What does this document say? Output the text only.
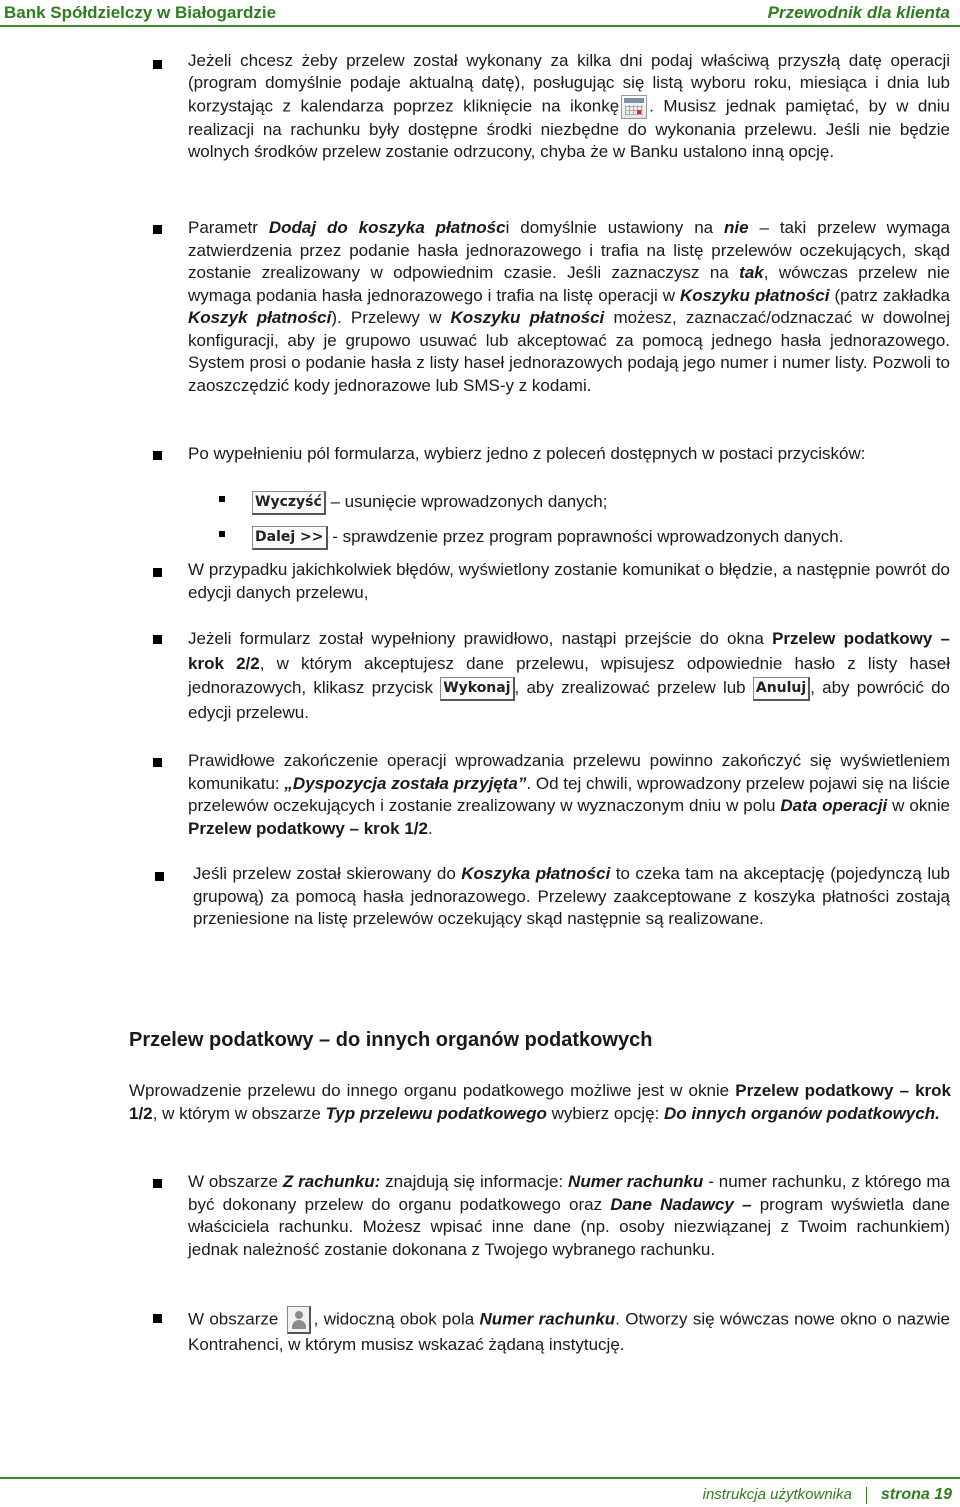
Bank Spółdzielczy w Białogardzie	Przewodnik dla klienta
Jeżeli chcesz żeby przelew został wykonany za kilka dni podaj właściwą przyszłą datę operacji (program domyślnie podaje aktualną datę), posługując się listą wyboru roku, miesiąca i dnia lub korzystając z kalendarza poprzez kliknięcie na ikonkę . Musisz jednak pamiętać, by w dniu realizacji na rachunku były dostępne środki niezbędne do wykonania przelewu. Jeśli nie będzie wolnych środków przelew zostanie odrzucony, chyba że w Banku ustalono inną opcję.
Parametr Dodaj do koszyka płatności domyślnie ustawiony na nie – taki przelew wymaga zatwierdzenia przez podanie hasła jednorazowego i trafia na listę przelewów oczekujących, skąd zostanie zrealizowany w odpowiednim czasie. Jeśli zaznaczysz na tak, wówczas przelew nie wymaga podania hasła jednorazowego i trafia na listę operacji w Koszyku płatności (patrz zakładka Koszyk płatności). Przelewy w Koszyku płatności możesz, zaznaczać/odznaczać w dowolnej konfiguracji, aby je grupowo usuwać lub akceptować za pomocą jednego hasła jednorazowego. System prosi o podanie hasła z listy haseł jednorazowych podają jego numer i numer listy. Pozwoli to zaoszczędzić kody jednorazowe lub SMS-y z kodami.
Po wypełnieniu pól formularza, wybierz jedno z poleceń dostępnych w postaci przycisków:
Wyczyść – usunięcie wprowadzonych danych;
Dalej >> - sprawdzenie przez program poprawności wprowadzonych danych.
W przypadku jakichkolwiek błędów, wyświetlony zostanie komunikat o błędzie, a następnie powrót do edycji danych przelewu,
Jeżeli formularz został wypełniony prawidłowo, nastąpi przejście do okna Przelew podatkowy – krok 2/2, w którym akceptujesz dane przelewu, wpisujesz odpowiednie hasło z listy haseł jednorazowych, klikasz przycisk Wykonaj , aby zrealizować przelew lub Anuluj , aby powrócić do edycji przelewu.
Prawidłowe zakończenie operacji wprowadzania przelewu powinno zakończyć się wyświetleniem komunikatu: „Dyspozycja została przyjęta”. Od tej chwili, wprowadzony przelew pojawi się na liście przelewów oczekujących i zostanie zrealizowany w wyznaczonym dniu w polu Data operacji w oknie Przelew podatkowy – krok 1/2.
Jeśli przelew został skierowany do Koszyka płatności to czeka tam na akceptację (pojedynczą lub grupową) za pomocą hasła jednorazowego. Przelewy zaakceptowane z koszyka płatności zostają przeniesione na listę przelewów oczekujący skąd następnie są realizowane.
Przelew podatkowy – do innych organów podatkowych
Wprowadzenie przelewu do innego organu podatkowego możliwe jest w oknie Przelew podatkowy – krok 1/2, w którym w obszarze Typ przelewu podatkowego wybierz opcję: Do innych organów podatkowych.
W obszarze Z rachunku: znajdują się informacje: Numer rachunku - numer rachunku, z którego ma być dokonany przelew do organu podatkowego oraz Dane Nadawcy – program wyświetla dane właściciela rachunku. Możesz wpisać inne dane (np. osoby niezwiązanej z Twoim rachunkiem) jednak należność zostanie dokonana z Twojego wybranego rachunku.
W obszarze
, widoczną obok pola Numer rachunku. Otworzy się wówczas nowe okno o nazwie Kontrahenci, w którym musisz wskazać żądaną instytucję.
instrukcja użytkownika strona 19
